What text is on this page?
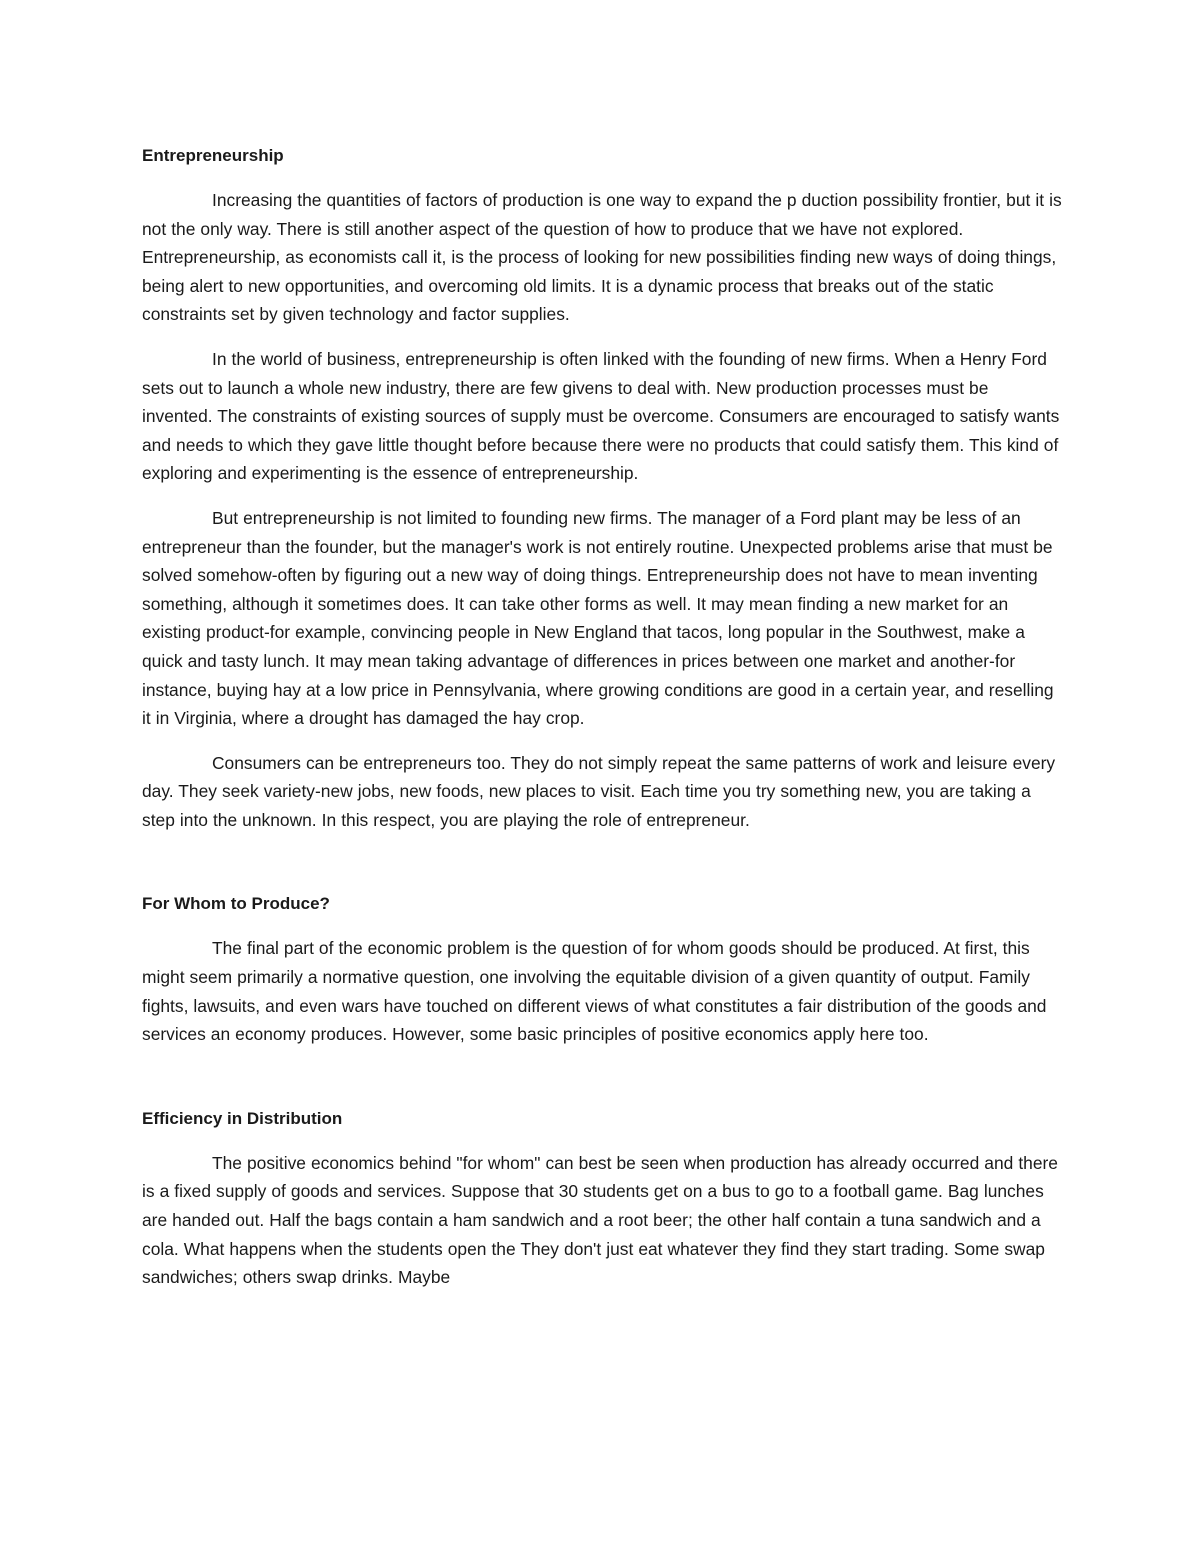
Entrepreneurship

Increasing the quantities of factors of production is one way to expand the p duction possibility frontier, but it is not the only way. There is still another aspect of the question of how to produce that we have not explored. Entrepreneurship, as economists call it, is the process of looking for new possibilities finding new ways of doing things, being alert to new opportunities, and overcoming old limits. It is a dynamic process that breaks out of the static constraints set by given technology and factor supplies.

In the world of business, entrepreneurship is often linked with the founding of new firms. When a Henry Ford sets out to launch a whole new industry, there are few givens to deal with. New production processes must be invented. The constraints of existing sources of supply must be overcome. Consumers are encouraged to satisfy wants and needs to which they gave little thought before because there were no products that could satisfy them. This kind of exploring and experimenting is the essence of entrepreneurship.

But entrepreneurship is not limited to founding new firms. The manager of a Ford plant may be less of an entrepreneur than the founder, but the manager's work is not entirely routine. Unexpected problems arise that must be solved somehow-often by figuring out a new way of doing things. Entrepreneurship does not have to mean inventing something, although it sometimes does. It can take other forms as well. It may mean finding a new market for an existing product-for example, convincing people in New England that tacos, long popular in the Southwest, make a quick and tasty lunch. It may mean taking advantage of differences in prices between one market and another-for instance, buying hay at a low price in Pennsylvania, where growing conditions are good in a certain year, and reselling it in Virginia, where a drought has damaged the hay crop.

Consumers can be entrepreneurs too. They do not simply repeat the same patterns of work and leisure every day. They seek variety-new jobs, new foods, new places to visit. Each time you try something new, you are taking a step into the unknown. In this respect, you are playing the role of entrepreneur.

For Whom to Produce?

The final part of the economic problem is the question of for whom goods should be produced. At first, this might seem primarily a normative question, one involving the equitable division of a given quantity of output. Family fights, lawsuits, and even wars have touched on different views of what constitutes a fair distribution of the goods and services an economy produces. However, some basic principles of positive economics apply here too.

Efficiency in Distribution

The positive economics behind "for whom" can best be seen when production has already occurred and there is a fixed supply of goods and services. Suppose that 30 students get on a bus to go to a football game. Bag lunches are handed out. Half the bags contain a ham sandwich and a root beer; the other half contain a tuna sandwich and a cola. What happens when the students open the They don't just eat whatever they find they start trading. Some swap sandwiches; others swap drinks. Maybe
